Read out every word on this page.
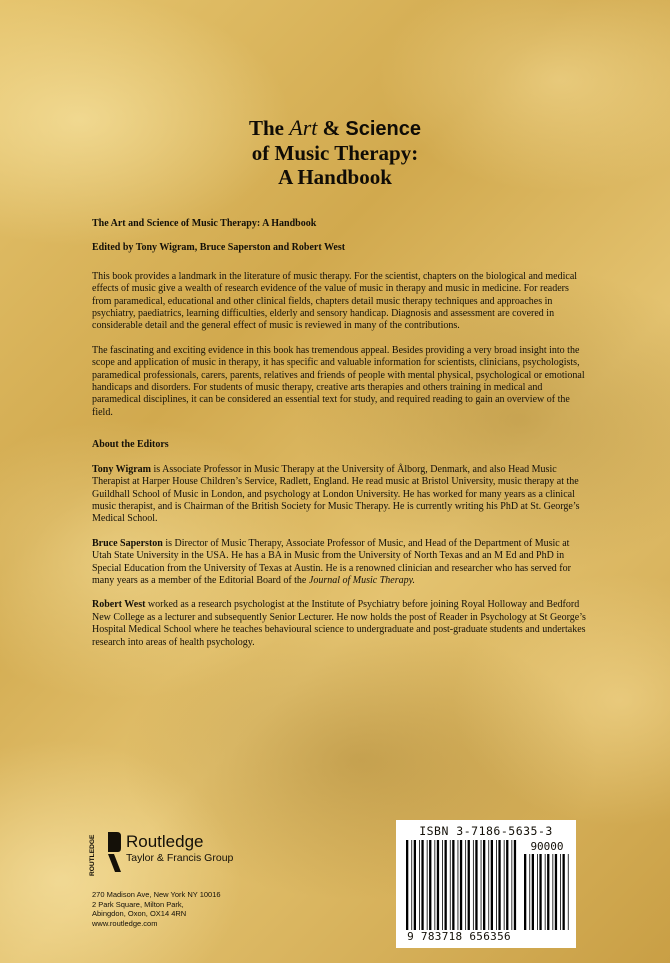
The Art & Science
of Music Therapy:
A Handbook

The Art and Science of Music Therapy: A Handbook

Edited by Tony Wigram, Bruce Saperston and Robert West

This book provides a landmark in the literature of music therapy. For the scientist, chapters on the biological and medical effects of music give a wealth of research evidence of the value of music in therapy and music in medicine. For readers from paramedical, educational and other clinical fields, chapters detail music therapy techniques and approaches in psychiatry, paediatrics, learning difficulties, elderly and sensory handicap. Diagnosis and assessment are covered in considerable detail and the general effect of music is reviewed in many of the contributions.

The fascinating and exciting evidence in this book has tremendous appeal. Besides providing a very broad insight into the scope and application of music in therapy, it has specific and valuable information for scientists, clinicians, psychologists, paramedical professionals, carers, parents, relatives and friends of people with mental physical, psychological or emotional handicaps and disorders. For students of music therapy, creative arts therapies and others training in medical and paramedical disciplines, it can be considered an essential text for study, and required reading to gain an overview of the field.

About the Editors

Tony Wigram is Associate Professor in Music Therapy at the University of Ålborg, Denmark, and also Head Music Therapist at Harper House Children’s Service, Radlett, England. He read music at Bristol University, music therapy at the Guildhall School of Music in London, and psychology at London University. He has worked for many years as a clinical music therapist, and is Chairman of the British Society for Music Therapy. He is currently writing his PhD at St. George’s Medical School.

Bruce Saperston is Director of Music Therapy, Associate Professor of Music, and Head of the Department of Music at Utah State University in the USA. He has a BA in Music from the University of North Texas and an M Ed and PhD in Special Education from the University of Texas at Austin. He is a renowned clinician and researcher who has served for many years as a member of the Editorial Board of the Journal of Music Therapy.

Robert West worked as a research psychologist at the Institute of Psychiatry before joining Royal Holloway and Bedford New College as a lecturer and subsequently Senior Lecturer. He now holds the post of Reader in Psychology at St George’s Hospital Medical School where he teaches behavioural science to undergraduate and post-graduate students and undertakes research into areas of health psychology.

ROUTLEDGE Routledge
Taylor & Francis Group
270 Madison Ave, New York NY 10016
2 Park Square, Milton Park,
Abingdon, Oxon, OX14 4RN
www.routledge.com
ISBN 3-7186-5635-3
90000
9 783718 656356
